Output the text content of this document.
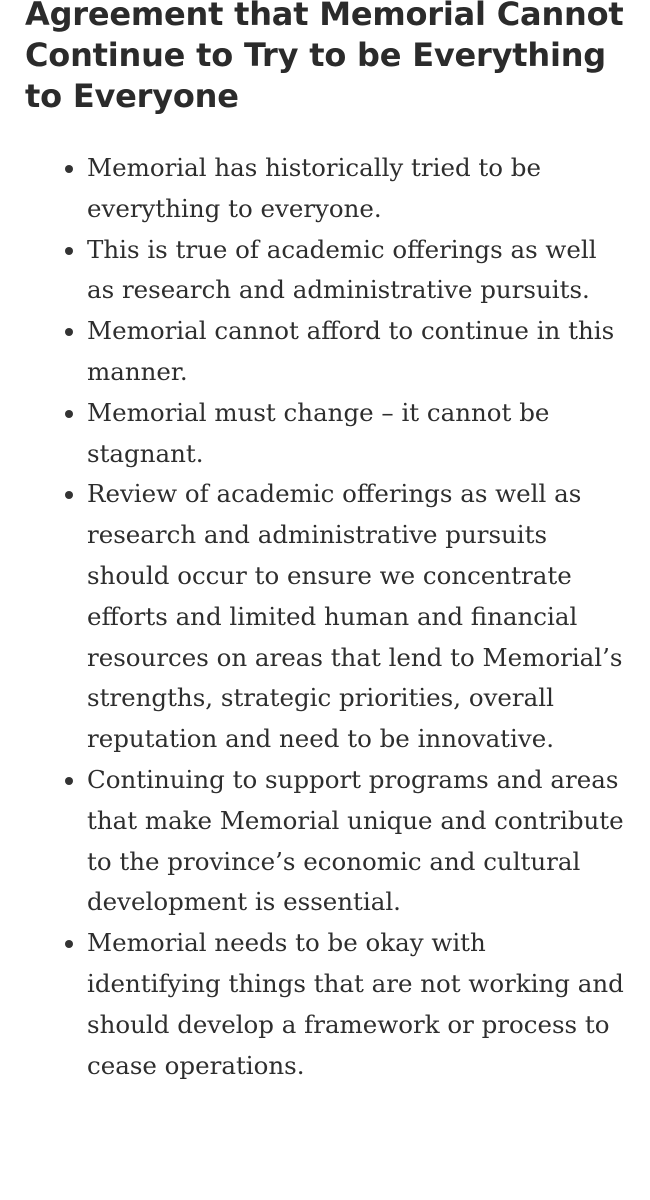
Agreement that Memorial Cannot Continue to Try to be Everything to Everyone
Memorial has historically tried to be everything to everyone.
This is true of academic offerings as well as research and administrative pursuits.
Memorial cannot afford to continue in this manner.
Memorial must change – it cannot be stagnant.
Review of academic offerings as well as research and administrative pursuits should occur to ensure we concentrate efforts and limited human and financial resources on areas that lend to Memorial’s strengths, strategic priorities, overall reputation and need to be innovative.
Continuing to support programs and areas that make Memorial unique and contribute to the province’s economic and cultural development is essential.
Memorial needs to be okay with identifying things that are not working and should develop a framework or process to cease operations.
